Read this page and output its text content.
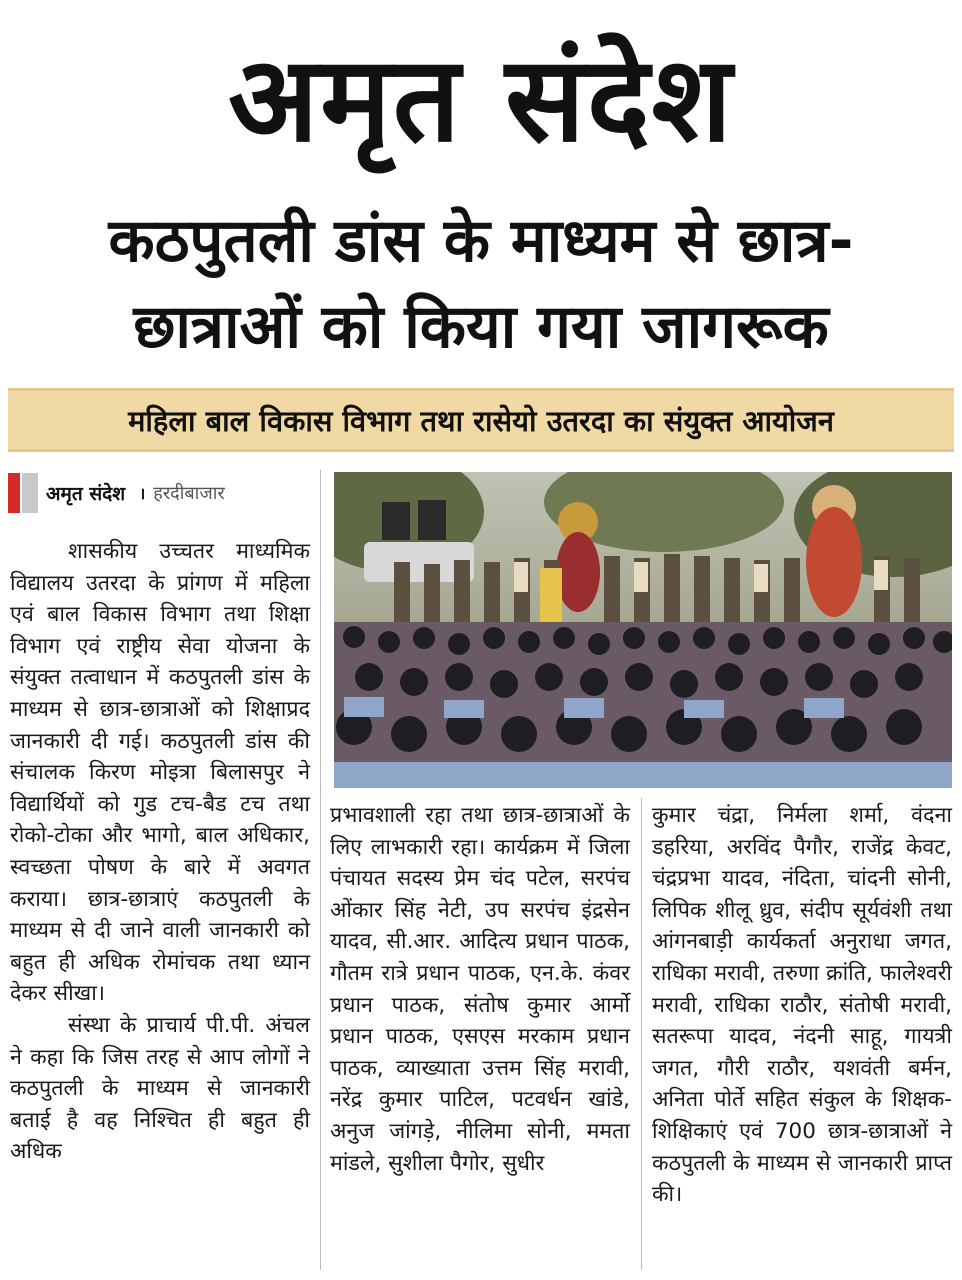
अमृत संदेश
कठपुतली डांस के माध्यम से छात्र-
छात्राओं को किया गया जागरूक
महिला बाल विकास विभाग तथा रासेयो उतरदा का संयुक्त आयोजन
अमृत संदेश । हरदीबाजार

शासकीय उच्चतर माध्यमिक विद्यालय उतरदा के प्रांगण में महिला एवं बाल विकास विभाग तथा शिक्षा विभाग एवं राष्ट्रीय सेवा योजना के संयुक्त तत्वाधान में कठपुतली डांस के माध्यम से छात्र-छात्राओं को शिक्षाप्रद जानकारी दी गई। कठपुतली डांस की संचालक किरण मोइत्रा बिलासपुर ने विद्यार्थियों को गुड टच-बैड टच तथा रोको-टोका और भागो, बाल अधिकार, स्वच्छता पोषण के बारे में अवगत कराया। छात्र-छात्राएं कठपुतली के माध्यम से दी जाने वाली जानकारी को बहुत ही अधिक रोमांचक तथा ध्यान देकर सीखा।

संस्था के प्राचार्य पी.पी. अंचल ने कहा कि जिस तरह से आप लोगों ने कठपुतली के माध्यम से जानकारी बताई है वह निश्चित ही बहुत ही अधिक

प्रभावशाली रहा तथा छात्र-छात्राओं के लिए लाभकारी रहा। कार्यक्रम में जिला पंचायत सदस्य प्रेम चंद पटेल, सरपंच ओंकार सिंह नेटी, उप सरपंच इंद्रसेन यादव, सी.आर. आदित्य प्रधान पाठक, गौतम रात्रे प्रधान पाठक, एन.के. कंवर प्रधान पाठक, संतोष कुमार आर्मो प्रधान पाठक, एसएस मरकाम प्रधान पाठक, व्याख्याता उत्तम सिंह मरावी, नरेंद्र कुमार पाटिल, पटवर्धन खांडे, अनुज जांगड़े, नीलिमा सोनी, ममता मांडले, सुशीला पैगोर, सुधीर

कुमार चंद्रा, निर्मला शर्मा, वंदना डहरिया, अरविंद पैगौर, राजेंद्र केवट, चंद्रप्रभा यादव, नंदिता, चांदनी सोनी, लिपिक शीलू ध्रुव, संदीप सूर्यवंशी तथा आंगनबाड़ी कार्यकर्ता अनुराधा जगत, राधिका मरावी, तरुणा क्रांति, फालेश्वरी मरावी, राधिका राठौर, संतोषी मरावी, सतरूपा यादव, नंदनी साहू, गायत्री जगत, गौरी राठौर, यशवंती बर्मन, अनिता पोर्ते सहित संकुल के शिक्षक-शिक्षिकाएं एवं 700 छात्र-छात्राओं ने कठपुतली के माध्यम से जानकारी प्राप्त की।
